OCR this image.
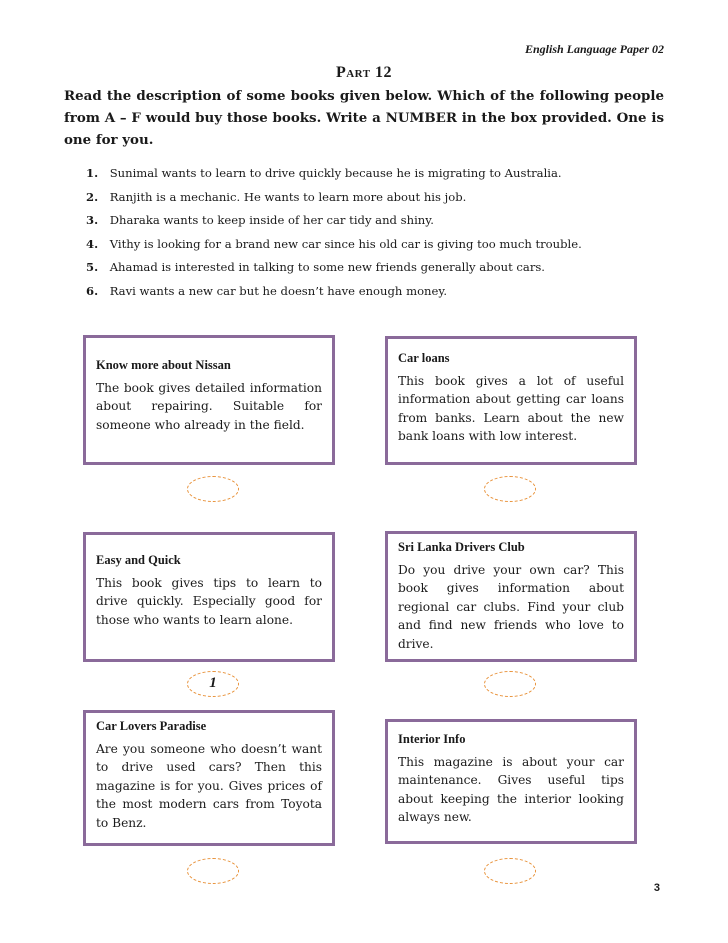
English Language Paper 02
Part 12
Read the description of some books given below. Which of the following people from A – F would buy those books. Write a NUMBER in the box provided. One is one for you.
1. Sunimal wants to learn to drive quickly because he is migrating to Australia.
2. Ranjith is a mechanic. He wants to learn more about his job.
3. Dharaka wants to keep inside of her car tidy and shiny.
4. Vithy is looking for a brand new car since his old car is giving too much trouble.
5. Ahamad is interested in talking to some new friends generally about cars.
6. Ravi wants a new car but he doesn’t have enough money.
Know more about Nissan
The book gives detailed information about repairing. Suitable for someone who already in the field.
Car loans
This book gives a lot of useful information about getting car loans from banks. Learn about the new bank loans with low interest.
Easy and Quick
This book gives tips to learn to drive quickly. Especially good for those who wants to learn alone.
1
Sri Lanka Drivers Club
Do you drive your own car? This book gives information about regional car clubs. Find your club and find new friends who love to drive.
Car Lovers Paradise
Are you someone who doesn’t want to drive used cars? Then this magazine is for you. Gives prices of the most modern cars from Toyota to Benz.
Interior Info
This magazine is about your car maintenance. Gives useful tips about keeping the interior looking always new.
3
